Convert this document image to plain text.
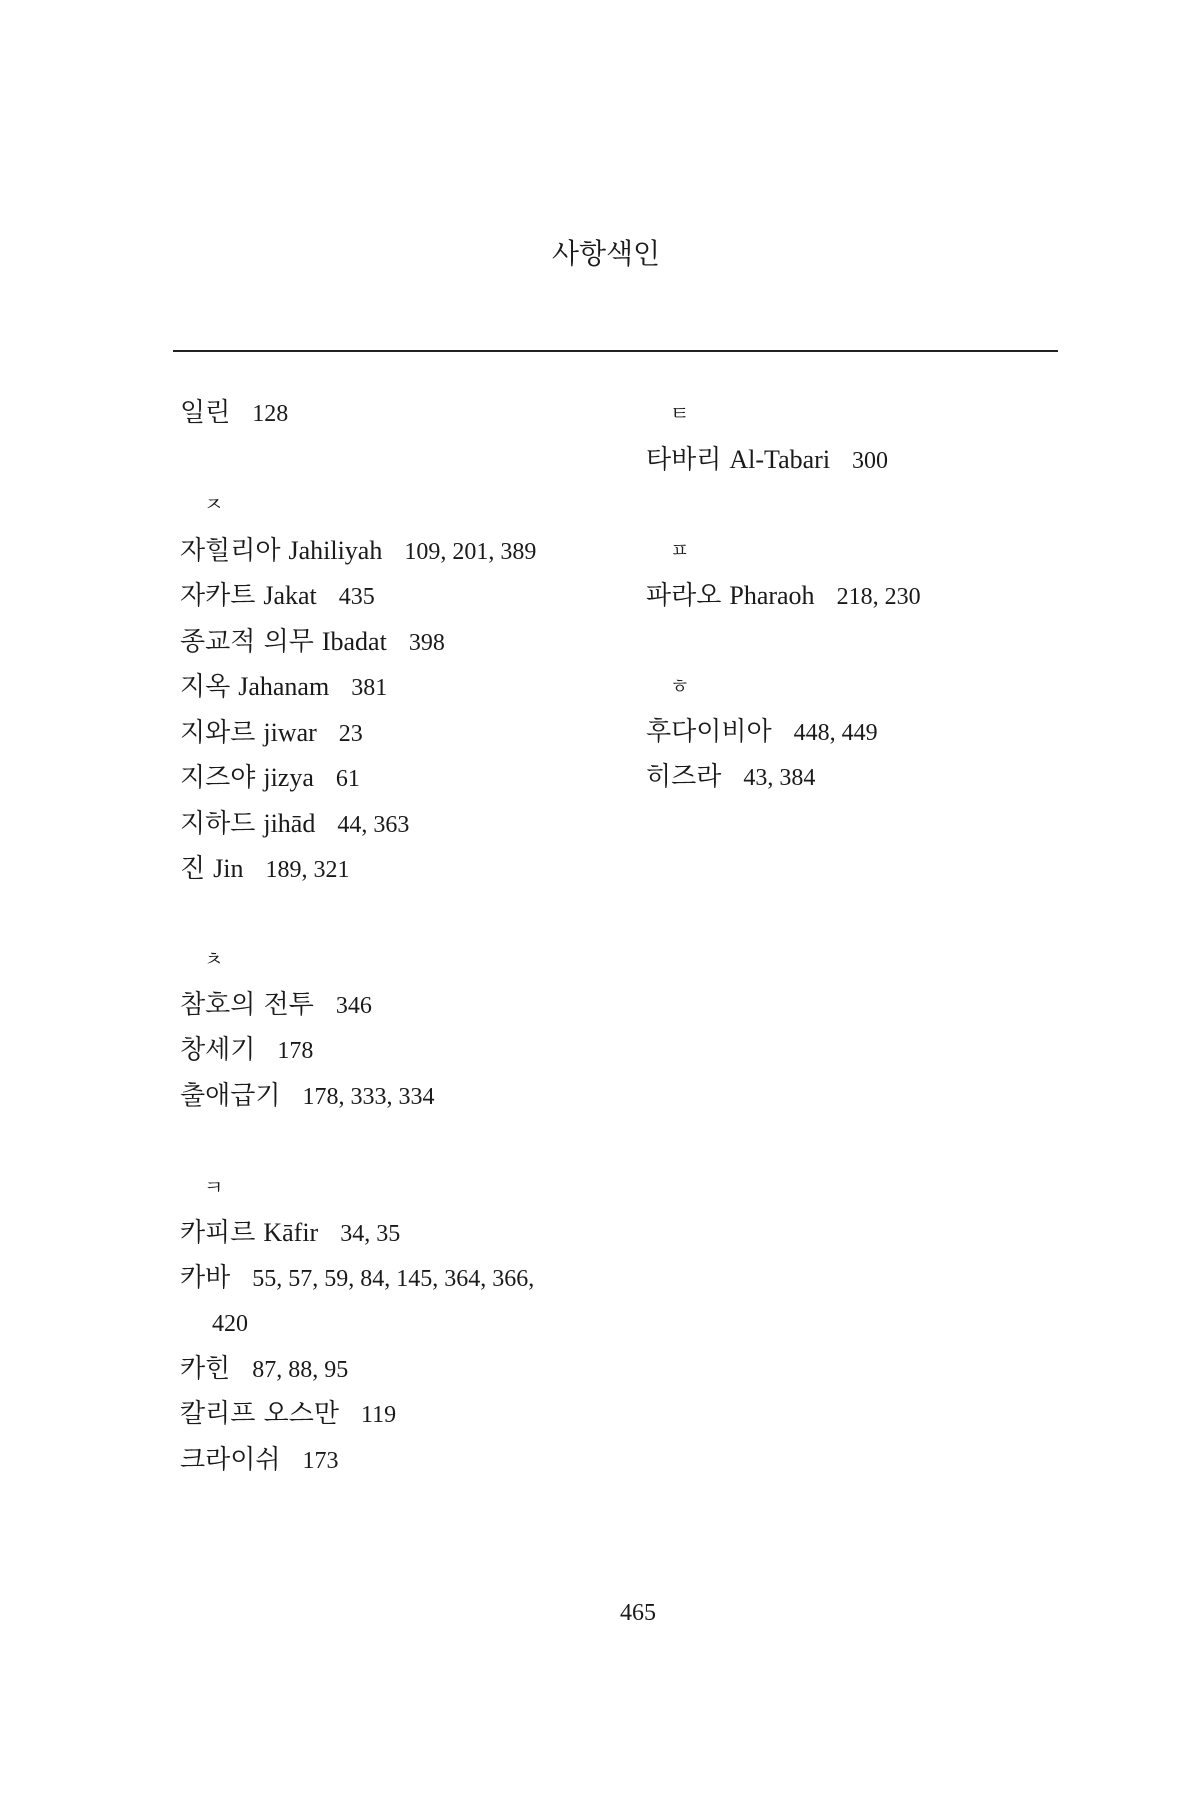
사항색인
일린 128
ㅈ
자힐리아 Jahiliyah 109, 201, 389
자카트 Jakat 435
종교적 의무 Ibadat 398
지옥 Jahanam 381
지와르 jiwar 23
지즈야 jizya 61
지하드 jihād 44, 363
진 Jin 189, 321
ㅊ
참호의 전투 346
창세기 178
출애급기 178, 333, 334
ㅋ
카피르 Kāfir 34, 35
카바 55, 57, 59, 84, 145, 364, 366,
420
카힌 87, 88, 95
칼리프 오스만 119
크라이쉬 173
ㅌ
타바리 Al-Tabari 300
ㅍ
파라오 Pharaoh 218, 230
ㅎ
후다이비아 448, 449
히즈라 43, 384
465
